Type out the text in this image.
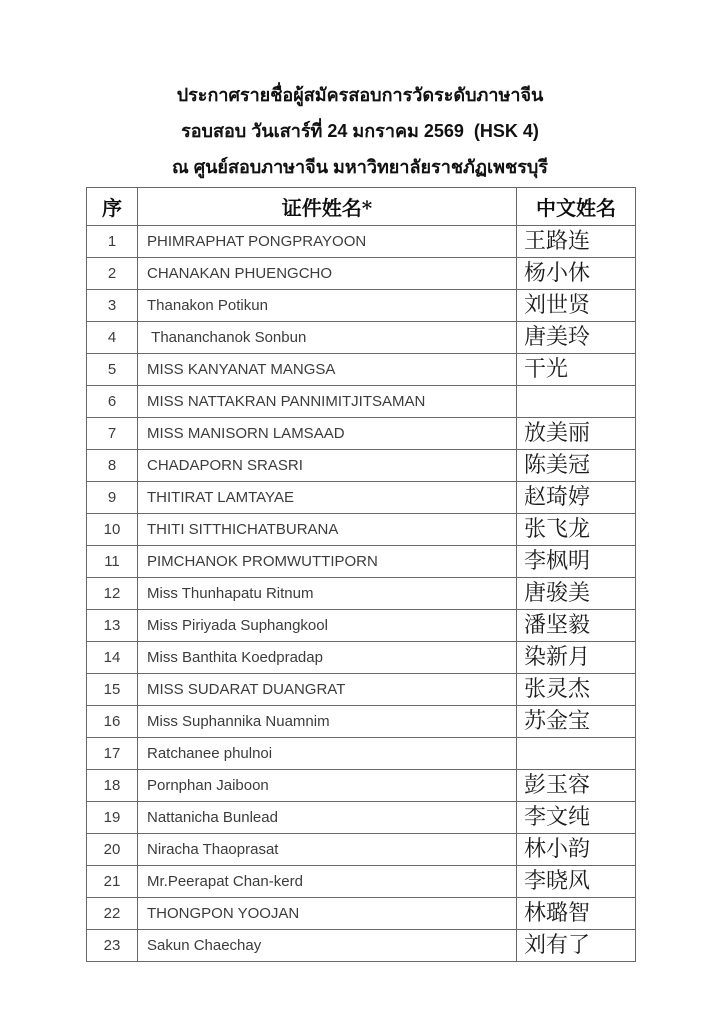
ประกาศรายชื่อผู้สมัครสอบการวัดระดับภาษาจีน
รอบสอบ วันเสาร์ที่ 24 มกราคม 2569  (HSK 4)
ณ ศูนย์สอบภาษาจีน มหาวิทยาลัยราชภัฏเพชรบุรี
序	证件姓名*	中文姓名
1	PHIMRAPHAT PONGPRAYOON	王路连
2	CHANAKAN PHUENGCHO	杨小休
3	Thanakon Potikun	刘世贤
4	Thananchanok Sonbun	唐美玲
5	MISS KANYANAT MANGSA	干光
6	MISS NATTAKRAN PANNIMITJITSAMAN	
7	MISS MANISORN LAMSAAD	放美丽
8	CHADAPORN SRASRI	陈美冠
9	THITIRAT LAMTAYAE	赵琦婷
10	THITI SITTHICHATBURANA	张飞龙
11	PIMCHANOK PROMWUTTIPORN	李枫明
12	Miss Thunhapatu Ritnum	唐骏美
13	Miss Piriyada Suphangkool	潘坚毅
14	Miss Banthita Koedpradap	染新月
15	MISS SUDARAT DUANGRAT	张灵杰
16	Miss Suphannika Nuamnim	苏金宝
17	Ratchanee phulnoi	
18	Pornphan Jaiboon	彭玉容
19	Nattanicha Bunlead	李文纯
20	Niracha Thaoprasat	林小韵
21	Mr.Peerapat Chan-kerd	李晓风
22	THONGPON YOOJAN	林璐智
23	Sakun Chaechay	刘有了
